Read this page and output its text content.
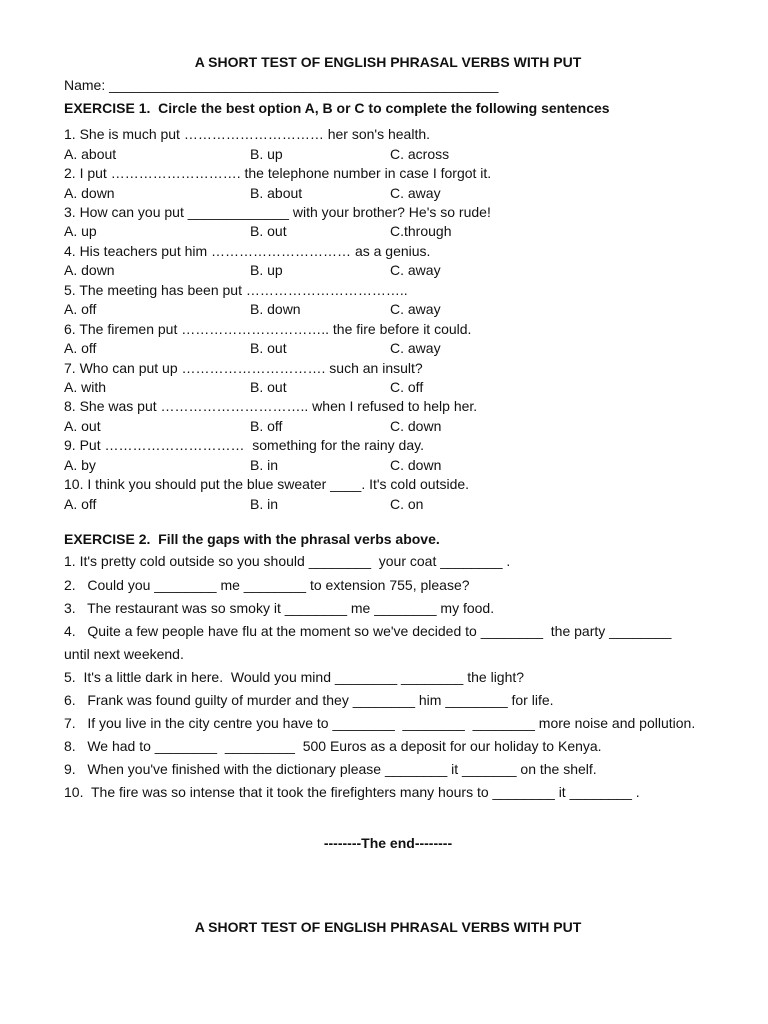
A SHORT TEST OF ENGLISH PHRASAL VERBS WITH PUT
Name: __________________________________________________
EXERCISE 1.  Circle the best option A, B or C to complete the following sentences
1. She is much put ………………………… her son's health.

A. about

	B. up

	C. across

2. I put ………………………. the telephone number in case I forgot it.

A. down

	B. about

	C. away

3. How can you put _____________ with your brother? He's so rude!

A. up

	B. out

	C.through

4. His teachers put him ………………………… as a genius.

A. down

	B. up

	C. away

5. The meeting has been put ……………………………..

A. off

	B. down

	C. away

6. The firemen put ………………………….. the fire before it could.

A. off

	B. out

	C. away

7. Who can put up …………………………. such an insult?

A. with

	B. out

	C. off

8. She was put ………………………….. when I refused to help her.

A. out

	B. off

	C. down

9. Put …………………………  something for the rainy day.

A. by

	B. in

	C. down

10. I think you should put the blue sweater ____. It's cold outside.

A. off

	B. in

	C. on

EXERCISE 2.  Fill the gaps with the phrasal verbs above.
1. It's pretty cold outside so you should ________  your coat ________ .
2.   Could you ________ me ________ to extension 755, please?
3.   The restaurant was so smoky it ________ me ________ my food.
4.   Quite a few people have flu at the moment so we've decided to ________  the party ________
until next weekend.
5.  It's a little dark in here.  Would you mind ________ ________ the light?
6.   Frank was found guilty of murder and they ________ him ________ for life.
7.   If you live in the city centre you have to ________  ________  ________ more noise and pollution.
8.   We had to ________  _________  500 Euros as a deposit for our holiday to Kenya.
9.   When you've finished with the dictionary please ________ it _______ on the shelf.
10.  The fire was so intense that it took the firefighters many hours to ________ it ________ .
--------The end--------
A SHORT TEST OF ENGLISH PHRASAL VERBS WITH PUT
